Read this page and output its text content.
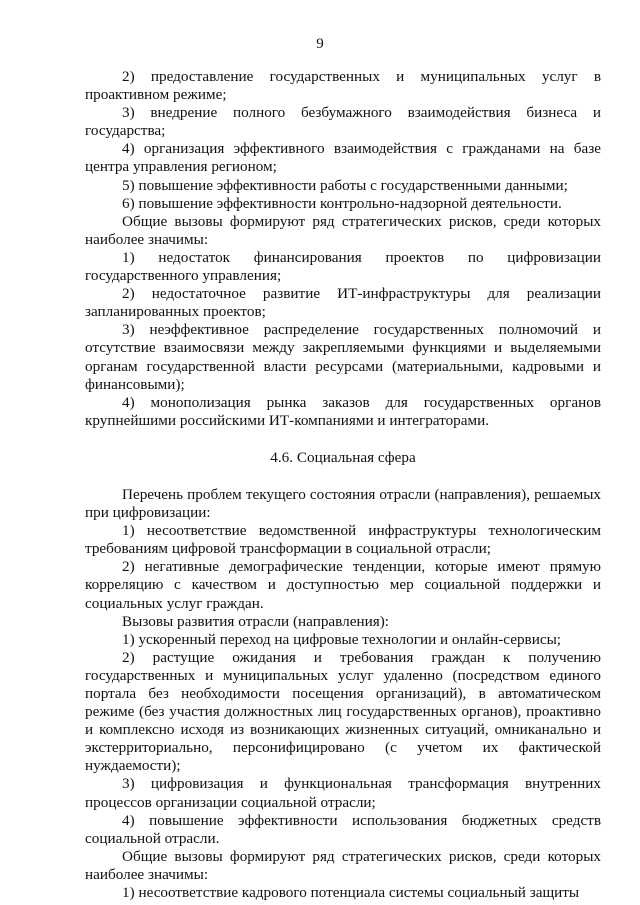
9

2) предоставление государственных и муниципальных услуг в проактивном режиме;

3) внедрение полного безбумажного взаимодействия бизнеса и государства;

4) организация эффективного взаимодействия с гражданами на базе центра управления регионом;

5) повышение эффективности работы с государственными данными;

6) повышение эффективности контрольно-надзорной деятельности.

Общие вызовы формируют ряд стратегических рисков, среди которых наиболее значимы:

1) недостаток финансирования проектов по цифровизации государственного управления;

2) недостаточное развитие ИТ-инфраструктуры для реализации запланированных проектов;

3) неэффективное распределение государственных полномочий и отсутствие взаимосвязи между закрепляемыми функциями и выделяемыми органам государственной власти ресурсами (материальными, кадровыми и финансовыми);

4) монополизация рынка заказов для государственных органов крупнейшими российскими ИТ-компаниями и интеграторами.

4.6. Социальная сфера

Перечень проблем текущего состояния отрасли (направления), решаемых при цифровизации:

1) несоответствие ведомственной инфраструктуры технологическим требованиям цифровой трансформации в социальной отрасли;

2) негативные демографические тенденции, которые имеют прямую корреляцию с качеством и доступностью мер социальной поддержки и социальных услуг граждан.

Вызовы развития отрасли (направления):

1) ускоренный переход на цифровые технологии и онлайн-сервисы;

2) растущие ожидания и требования граждан к получению государственных и муниципальных услуг удаленно (посредством единого портала без необходимости посещения организаций), в автоматическом режиме (без участия должностных лиц государственных органов), проактивно и комплексно исходя из возникающих жизненных ситуаций, омниканально и экстерриториально, персонифицировано (с учетом их фактической нуждаемости);

3) цифровизация и функциональная трансформация внутренних процессов организации социальной отрасли;

4) повышение эффективности использования бюджетных средств социальной отрасли.

Общие вызовы формируют ряд стратегических рисков, среди которых наиболее значимы:

1) несоответствие кадрового потенциала системы социальный защиты
